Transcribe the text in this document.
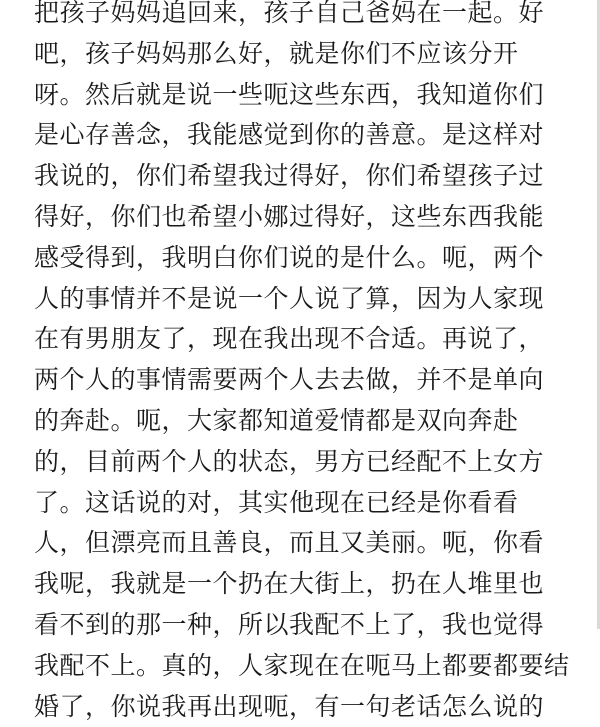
把孩子妈妈追回来，孩子自己爸妈在一起。好
吧，孩子妈妈那么好，就是你们不应该分开
呀。然后就是说一些呃这些东西，我知道你们
是心存善念，我能感觉到你的善意。是这样对
我说的，你们希望我过得好，你们希望孩子过
得好，你们也希望小娜过得好，这些东西我能
感受得到，我明白你们说的是什么。呃，两个
人的事情并不是说一个人说了算，因为人家现
在有男朋友了，现在我出现不合适。再说了，
两个人的事情需要两个人去去做，并不是单向
的奔赴。呃，大家都知道爱情都是双向奔赴
的，目前两个人的状态，男方已经配不上女方
了。这话说的对，其实他现在已经是你看看
人，但漂亮而且善良，而且又美丽。呃，你看
我呢，我就是一个扔在大街上，扔在人堆里也
看不到的那一种，所以我配不上了，我也觉得
我配不上。真的，人家现在在呃马上都要都要结
婚了，你说我再出现呃，有一句老话怎么说的
